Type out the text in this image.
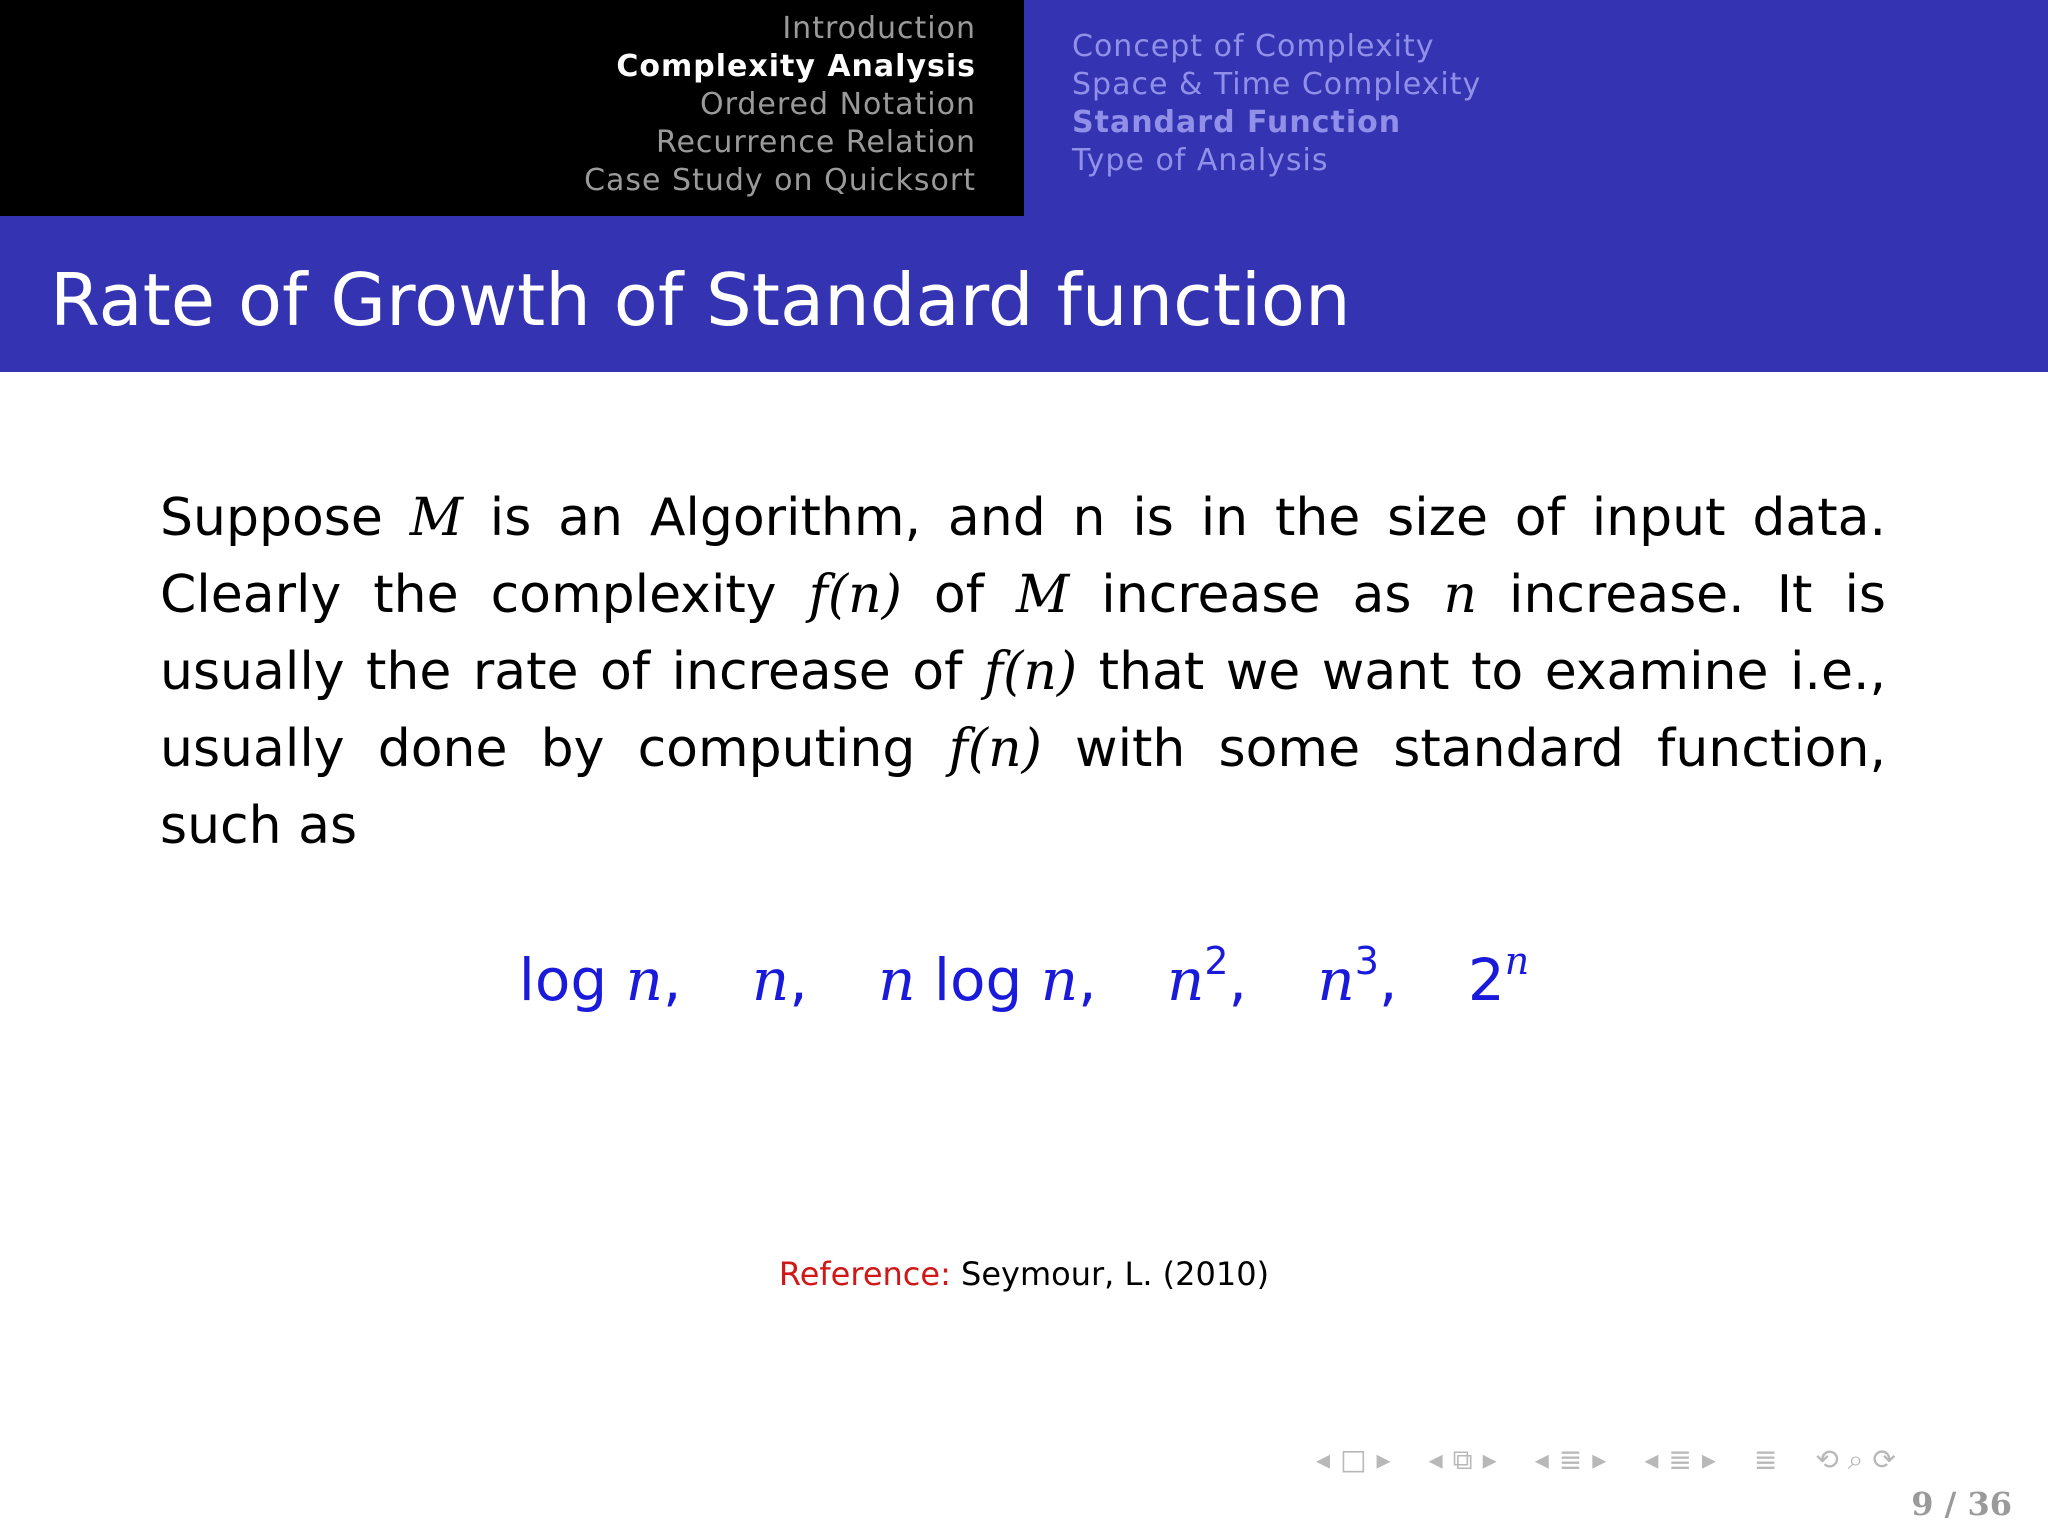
Introduction
Complexity Analysis
Ordered Notation
Recurrence Relation
Case Study on Quicksort
Concept of Complexity
Space & Time Complexity
Standard Function
Type of Analysis
Rate of Growth of Standard function

Suppose M is an Algorithm, and n is in the size of input data. Clearly the complexity f(n) of M increase as n increase. It is usually the rate of increase of f(n) that we want to examine i.e., usually done by computing f(n) with some standard function, such as

log n, n, n log n, $n^2$, $n^3$, 2$^n$
Reference: Seymour, L. (2010)
◂ □ ▸ ◂ ⧉ ▸ ◂ ≣ ▸ ◂ ≣ ▸ ≣ ⟲ ⌕ ⟳
9 / 36
